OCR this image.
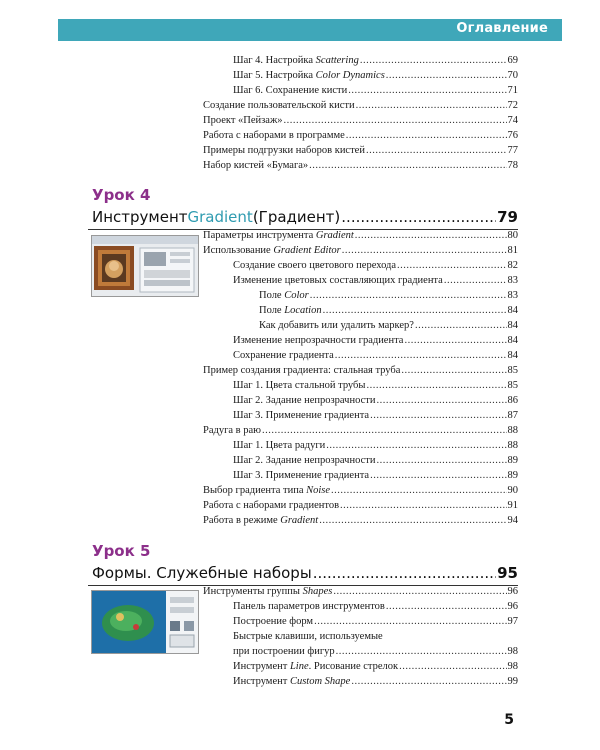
Оглавление
Шаг 4. Настройка Scattering .....	69
Шаг 5. Настройка Color Dynamics .....	70
Шаг 6. Сохранение кисти .....	71
Создание пользовательской кисти .....	72
Проект «Пейзаж» .....	74
Работа с наборами в программе .....	76
Примеры подгрузки наборов кистей .....	77
Набор кистей «Бумага» .....	78
Урок 4
Инструмент Gradient (Градиент) .....	79
Параметры инструмента Gradient .....	80
Использование Gradient Editor .....	81
Создание своего цветового перехода .....	82
Изменение цветовых составляющих градиента .....	83
Поле Color .....	83
Поле Location .....	84
Как добавить или удалить маркер? .....	84
Изменение непрозрачности градиента .....	84
Сохранение градиента .....	84
Пример создания градиента: стальная труба .....	85
Шаг 1. Цвета стальной трубы .....	85
Шаг 2. Задание непрозрачности .....	86
Шаг 3. Применение градиента .....	87
Радуга в раю .....	88
Шаг 1. Цвета радуги .....	88
Шаг 2. Задание непрозрачности .....	89
Шаг 3. Применение градиента .....	89
Выбор градиента типа Noise .....	90
Работа с наборами градиентов .....	91
Работа в режиме Gradient .....	94
Урок 5
Формы. Служебные наборы .....	95
Инструменты группы Shapes .....	96
Панель параметров инструментов .....	96
Построение форм .....	97
Быстрые клавиши, используемые
при построении фигур .....	98
Инструмент Line. Рисование стрелок .....	98
Инструмент Custom Shape .....	99
5
